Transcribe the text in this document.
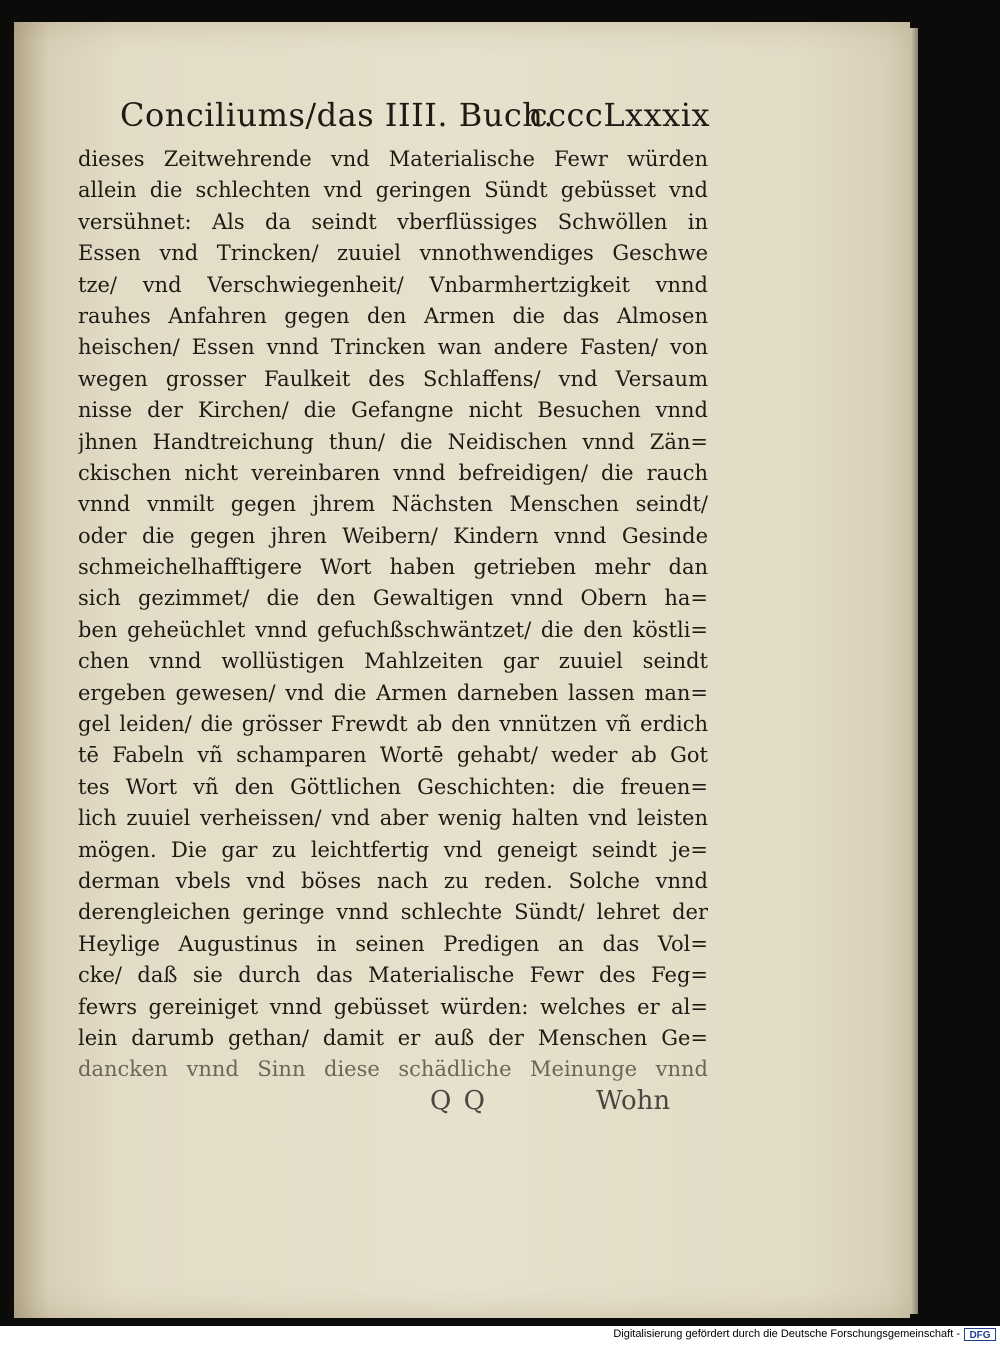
Conciliums/das IIII. Buch.
ccccLxxxix
dieses Zeitwehrende vnd Materialische Fewr würden
allein die schlechten vnd geringen Sündt gebüsset vnd
versühnet: Als da seindt vberflüssiges Schwöllen in
Essen vnd Trincken/ zuuiel vnnothwendiges Geschwe
tze/ vnd Verschwiegenheit/ Vnbarmhertzigkeit vnnd
rauhes Anfahren gegen den Armen die das Almosen
heischen/ Essen vnnd Trincken wan andere Fasten/ von
wegen grosser Faulkeit des Schlaffens/ vnd Versaum
nisse der Kirchen/ die Gefangne nicht Besuchen vnnd
jhnen Handtreichung thun/ die Neidischen vnnd Zän=
ckischen nicht vereinbaren vnnd befreidigen/ die rauch
vnnd vnmilt gegen jhrem Nächsten Menschen seindt/
oder die gegen jhren Weibern/ Kindern vnnd Gesinde
schmeichelhafftigere Wort haben getrieben mehr dan
sich gezimmet/ die den Gewaltigen vnnd Obern ha=
ben geheüchlet vnnd gefuchßschwäntzet/ die den köstli=
chen vnnd wollüstigen Mahlzeiten gar zuuiel seindt
ergeben gewesen/ vnd die Armen darneben lassen man=
gel leiden/ die grösser Frewdt ab den vnnützen vñ erdich
tē Fabeln vñ schamparen Wortē gehabt/ weder ab Got
tes Wort vñ den Göttlichen Geschichten: die freuen=
lich zuuiel verheissen/ vnd aber wenig halten vnd leisten
mögen. Die gar zu leichtfertig vnd geneigt seindt je=
derman vbels vnd böses nach zu reden. Solche vnnd
derengleichen geringe vnnd schlechte Sündt/ lehret der
Heylige Augustinus in seinen Predigen an das Vol=
cke/ daß sie durch das Materialische Fewr des Feg=
fewrs gereiniget vnnd gebüsset würden: welches er al=
lein darumb gethan/ damit er auß der Menschen Ge=
dancken vnnd Sinn diese schädliche Meinunge vnnd
Q Q	Wohn
Digitalisierung gefördert durch die Deutsche Forschungsgemeinschaft - DFG
